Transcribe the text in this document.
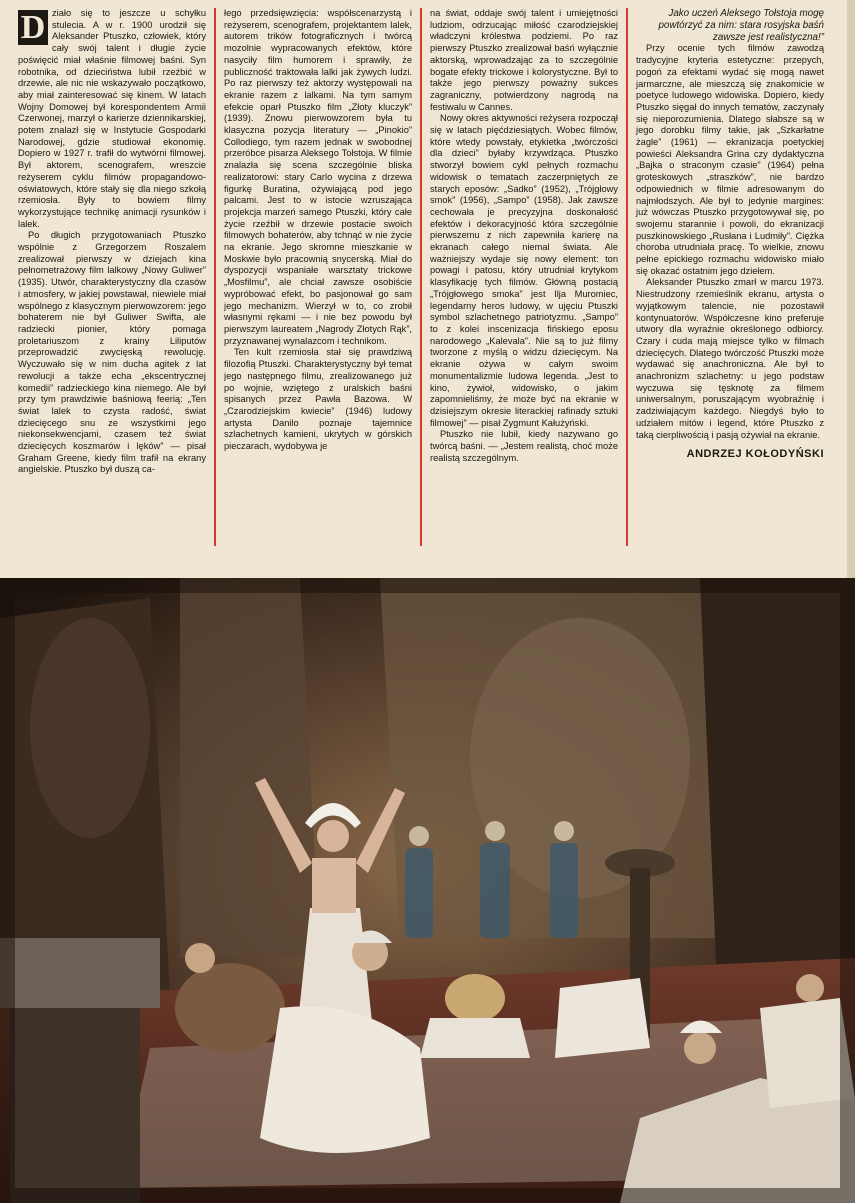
D ziało się to jeszcze u schyłku stulecia. A w r. 1900 urodził się Aleksander Ptuszko, człowiek, który cały swój talent i długie życie poświęcić miał właśnie filmowej baśni. Syn robotnika, od dzieciństwa lubił rzeźbić w drzewie, ale nic nie wskazywało początkowo, aby miał zainteresować się kinem. W latach Wojny Domowej był korespondentem Armii Czerwonej, marzył o karierze dziennikarskiej, potem znalazł się w Instytucie Gospodarki Narodowej, gdzie studiował ekonomię. Dopiero w 1927 r. trafił do wytwórni filmowej. Był aktorem, scenografem, wreszcie reżyserem cyklu filmów propagandowo-oświatowych, które stały się dla niego szkołą rzemiosła. Były to bowiem filmy wykorzystujące technikę animacji rysunków i lalek.

Po długich przygotowaniach Ptuszko wspólnie z Grzegorzem Roszalem zrealizował pierwszy w dziejach kina pełnometrażowy film lalkowy „Nowy Guliwer” (1935). Utwór, charakterystyczny dla czasów i atmosfery, w jakiej powstawał, niewiele miał wspólnego z klasycznym pierwowzorem: jego bohaterem nie był Guliwer Swifta, ale radziecki pionier, który pomaga proletariuszom z krainy Liliputów przeprowadzić zwycięską rewolucję. Wyczuwało się w nim ducha agitek z lat rewolucji a także echa „ekscentrycznej komedii” radzieckiego kina niemego. Ale był przy tym prawdziwie baśniową feerią: „Ten świat lalek to czysta radość, świat dziecięcego snu ze wszystkimi jego niekonsekwencjami, czasem też świat dziecięcych koszmarów i lęków” — pisał Graham Greene, kiedy film trafił na ekrany angielskie. Ptuszko był duszą ca-

łego przedsięwzięcia: współscenarzystą i reżyserem, scenografem, projektantem lalek, autorem trików fotograficznych i twórcą mozolnie wypracowanych efektów, które nasyciły film humorem i sprawiły, że publiczność traktowała lalki jak żywych ludzi. Po raz pierwszy też aktorzy występowali na ekranie razem z lalkami. Na tym samym efekcie oparł Ptuszko film „Złoty kluczyk” (1939). Znowu pierwowzorem była tu klasyczna pozycja literatury — „Pinokio” Collodiego, tym razem jednak w swobodnej przeróbce pisarza Aleksego Tołstoja. W filmie znalazła się scena szczególnie bliska realizatorowi: stary Carlo wycina z drzewa figurkę Buratina, ożywiającą pod jego palcami. Jest to w istocie wzruszająca projekcja marzeń samego Ptuszki, który całe życie rzeźbił w drzewie postacie swoich filmowych bohaterów, aby tchnąć w nie życie na ekranie. Jego skromne mieszkanie w Moskwie było pracownią snycerską. Miał do dyspozycji wspaniałe warsztaty trickowe „Mosfilmu”, ale chciał zawsze osobiście wypróbować efekt, bo pasjonował go sam jego mechanizm. Wierzył w to, co zrobił własnymi rękami — i nie bez powodu był pierwszym laureatem „Nagrody Złotych Rąk”, przyznawanej wynalazcom i technikom.

Ten kult rzemiosła stał się prawdziwą filozofią Ptuszki. Charakterystyczny był temat jego następnego filmu, zrealizowanego już po wojnie, wziętego z uralskich baśni spisanych przez Pawła Bazowa. W „Czarodziejskim kwiecie” (1946) ludowy artysta Danilo poznaje tajemnice szlachetnych kamieni, ukrytych w górskich pieczarach, wydobywa je

na świat, oddaje swój talent i umiejętności ludziom, odrzucając miłość czarodziejskiej władczyni królestwa podziemi. Po raz pierwszy Ptuszko zrealizował baśń wyłącznie aktorską, wprowadzając za to szczególnie bogate efekty trickowe i kolorystyczne. Był to także jego pierwszy poważny sukces zagraniczny, potwierdzony nagrodą na festiwalu w Cannes.

Nowy okres aktywności reżysera rozpoczął się w latach pięćdziesiątych. Wobec filmów, które wtedy powstały, etykietka „twórczości dla dzieci” byłaby krzywdząca. Ptuszko stworzył bowiem cykl pełnych rozmachu widowisk o tematach zaczerpniętych ze starych eposów: „Sadko” (1952), „Trójgłowy smok” (1956), „Sampo” (1958). Jak zawsze cechowała je precyzyjna doskonałość efektów i dekoracyjność która szczególnie pierwszemu z nich zapewniła karierę na ekranach całego niemal świata. Ale ważniejszy wydaje się nowy element: ton powagi i patosu, który utrudniał krytykom klasyfikację tych filmów. Główną postacią „Trójgłowego smoka” jest Ilja Muromiec, legendarny heros ludowy, w ujęciu Ptuszki symbol szlachetnego patriotyzmu. „Sampo” to z kolei inscenizacja fińskiego eposu narodowego „Kalevala”. Nie są to już filmy tworzone z myślą o widzu dziecięcym. Na ekranie ożywa w całym swoim monumentalizmie ludowa legenda. „Jest to kino, żywioł, widowisko, o jakim zapomnieliśmy, że może być na ekranie w dzisiejszym okresie literackiej rafinady sztuki filmowej” — pisał Zygmunt Kałużyński.

Ptuszko nie lubił, kiedy nazywano go twórcą baśni. — „Jestem realistą, choć może realistą szczególnym.

Jako uczeń Aleksego Tołstoja mogę powtórzyć za nim: stara rosyjska baśń zawsze jest realistyczna!”

Przy ocenie tych filmów zawodzą tradycyjne kryteria estetyczne: przepych, pogoń za efektami wydać się mogą nawet jarmarczne, ale mieszczą się znakomicie w poetyce ludowego widowiska. Dopiero, kiedy Ptuszko sięgał do innych tematów, zaczynały się nieporozumienia. Dlatego słabsze są w jego dorobku filmy takie, jak „Szkarłatne żagle” (1961) — ekranizacja poetyckiej powieści Aleksandra Grina czy dydaktyczna „Bajka o straconym czasie” (1964) pełna groteskowych „straszków”, nie bardzo odpowiednich w filmie adresowanym do najmłodszych. Ale był to jedynie margines: już wówczas Ptuszko przygotowywał się, po swojemu starannie i powoli, do ekranizacji puszkinowskiego „Rusłana i Ludmiły”. Ciężka choroba utrudniała pracę. To wielkie, znowu pełne epickiego rozmachu widowisko miało się okazać ostatnim jego dziełem.

Aleksander Ptuszko zmarł w marcu 1973. Niestrudzony rzemieślnik ekranu, artysta o wyjątkowym talencie, nie pozostawił kontynuatorów. Współczesne kino preferuje utwory dla wyraźnie określonego odbiorcy. Czary i cuda mają miejsce tylko w filmach dziecięcych. Dlatego twórczość Ptuszki może wydawać się anachroniczna. Ale był to anachronizm szlachetny: u jego podstaw wyczuwa się tęsknotę za filmem uniwersalnym, poruszającym wyobraźnię i zadziwiającym każdego. Niegdyś było to udziałem mitów i legend, które Ptuszko z taką cierpliwością i pasją ożywiał na ekranie.

ANDRZEJ KOŁODYŃSKI
